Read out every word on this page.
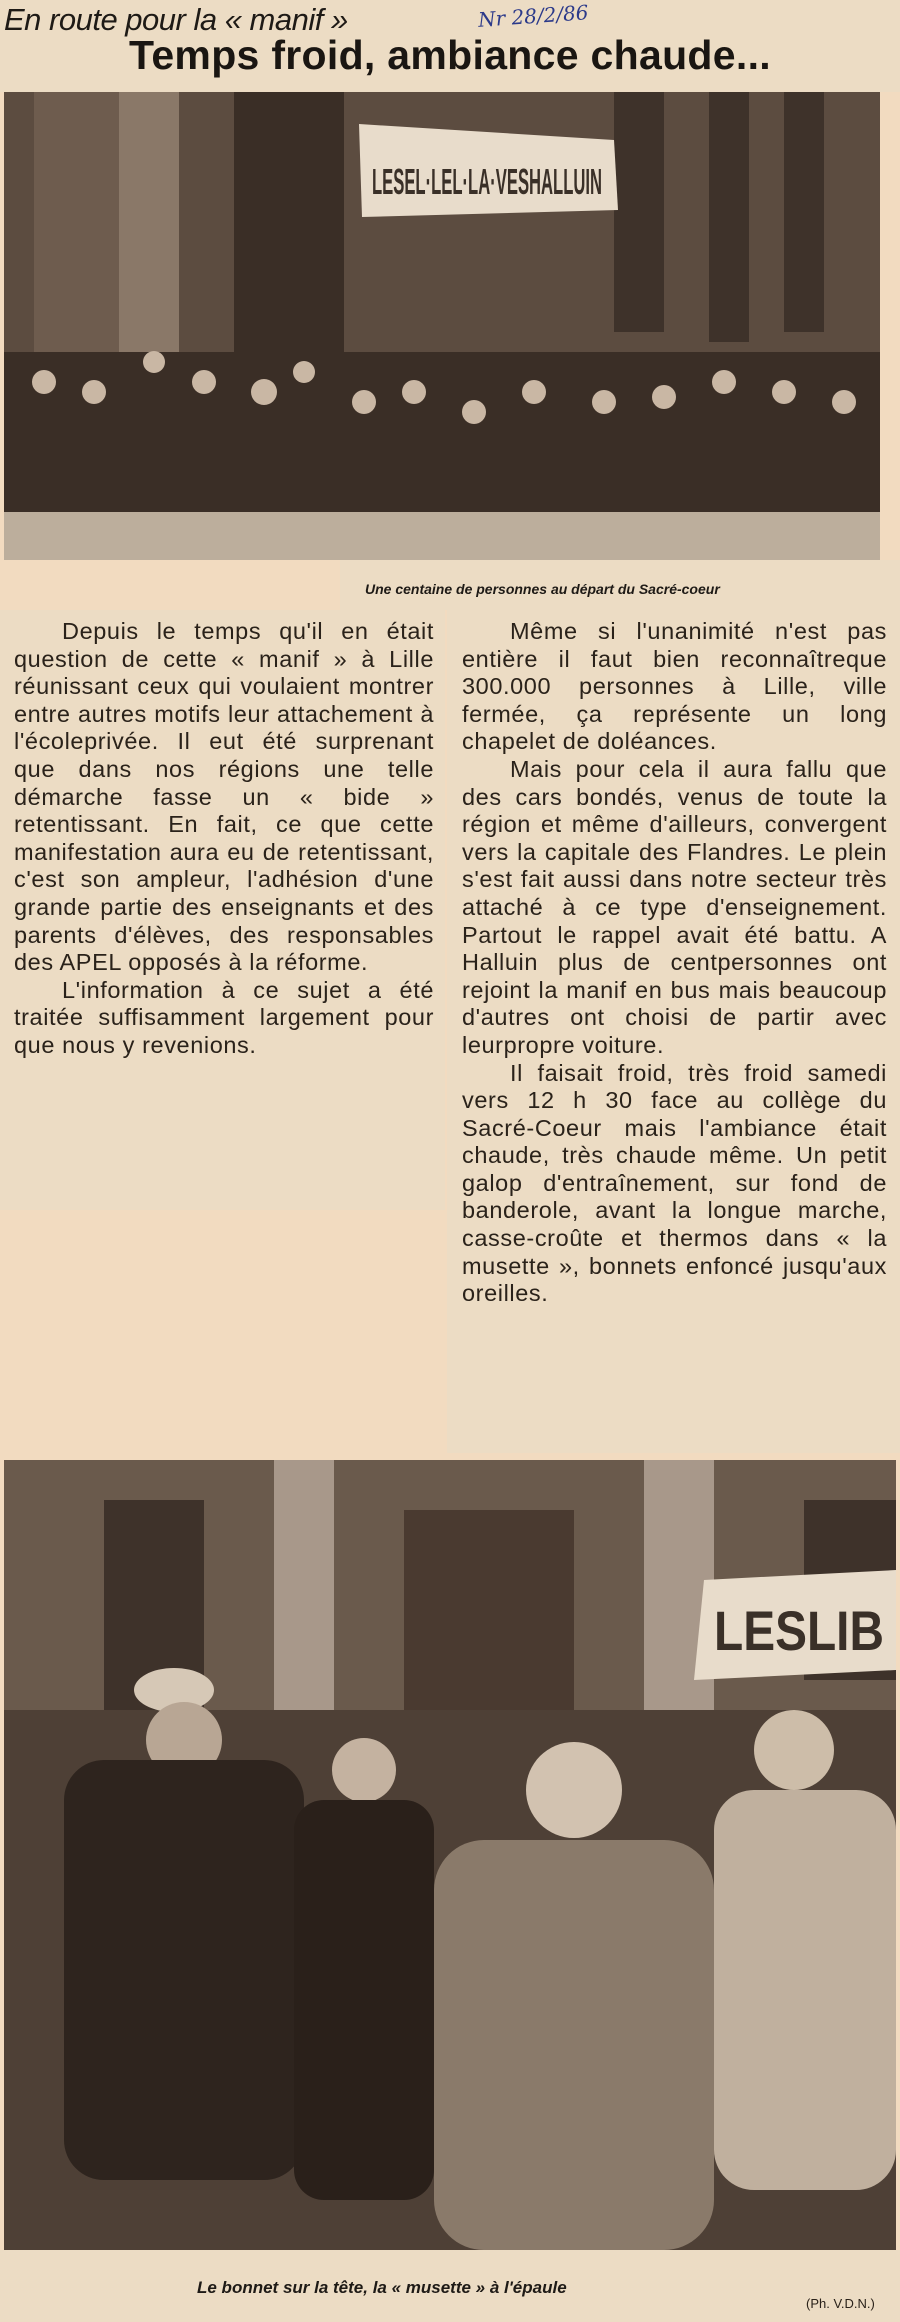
En route pour la « manif »	Nr 28/2/86
Temps froid, ambiance chaude...
LESEL·LEL·LA·VESHALLUIN
Une centaine de personnes au départ du Sacré-coeur

Depuis le temps qu'il en était question de cette « manif » à Lille réunissant ceux qui voulaient montrer entre autres motifs leur attachement à l'écoleprivée. Il eut été surprenant que dans nos régions une telle démarche fasse un « bide » retentissant. En fait, ce que cette manifestation aura eu de retentissant, c'est son ampleur, l'adhésion d'une grande partie des enseignants et des parents d'élèves, des responsables des APEL opposés à la réforme.

L'information à ce sujet a été traitée suffisamment largement pour que nous y revenions.

Même si l'unanimité n'est pas entière il faut bien reconnaîtreque 300.000 personnes à Lille, ville fermée, ça représente un long chapelet de doléances.

Mais pour cela il aura fallu que des cars bondés, venus de toute la région et même d'ailleurs, convergent vers la capitale des Flandres. Le plein s'est fait aussi dans notre secteur très attaché à ce type d'enseignement. Partout le rappel avait été battu. A Halluin plus de centpersonnes ont rejoint la manif en bus mais beaucoup d'autres ont choisi de partir avec leurpropre voiture.

Il faisait froid, très froid samedi vers 12 h 30 face au collège du Sacré-Coeur mais l'ambiance était chaude, très chaude même. Un petit galop d'entraînement, sur fond de banderole, avant la longue marche, casse-croûte et thermos dans « la musette », bonnets enfoncé jusqu'aux oreilles.

LESLIB
Le bonnet sur la tête, la « musette » à l'épaule
(Ph. V.D.N.)
